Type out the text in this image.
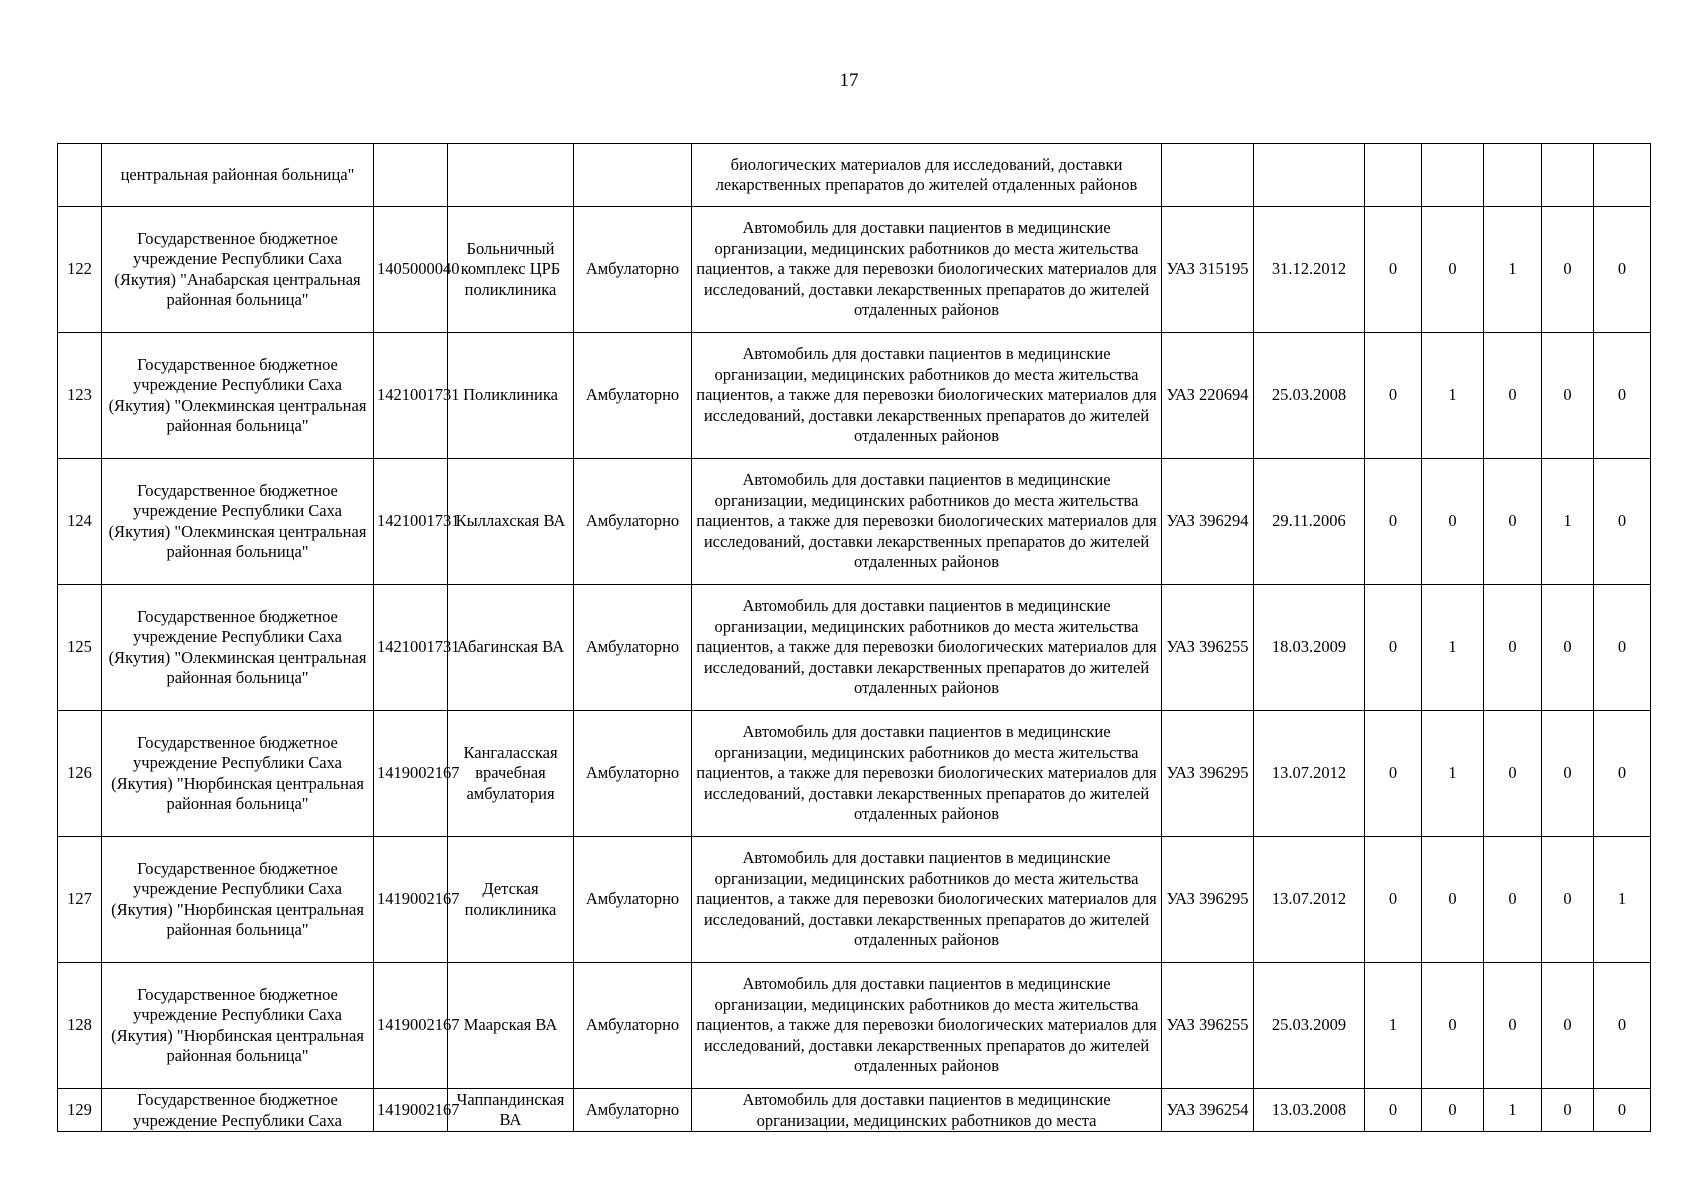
17

	центральная районная больница"				биологических материалов для исследований, доставки лекарственных препаратов до жителей отдаленных районов							

122	Государственное бюджетное учреждение Республики Саха (Якутия) "Анабарская центральная районная больница"	1405000040	Больничный комплекс ЦРБ поликлиника	Амбулаторно	Автомобиль для доставки пациентов в медицинские организации, медицинских работников до места жительства пациентов, а также для перевозки биологических материалов для исследований, доставки лекарственных препаратов до жителей отдаленных районов	УАЗ 315195	31.12.2012	0	0	1	0	0
123	Государственное бюджетное учреждение Республики Саха (Якутия) "Олекминская центральная районная больница"	1421001731	Поликлиника	Амбулаторно	Автомобиль для доставки пациентов в медицинские организации, медицинских работников до места жительства пациентов, а также для перевозки биологических материалов для исследований, доставки лекарственных препаратов до жителей отдаленных районов	УАЗ 220694	25.03.2008	0	1	0	0	0
124	Государственное бюджетное учреждение Республики Саха (Якутия) "Олекминская центральная районная больница"	1421001731	Кыллахская ВА	Амбулаторно	Автомобиль для доставки пациентов в медицинские организации, медицинских работников до места жительства пациентов, а также для перевозки биологических материалов для исследований, доставки лекарственных препаратов до жителей отдаленных районов	УАЗ 396294	29.11.2006	0	0	0	1	0
125	Государственное бюджетное учреждение Республики Саха (Якутия) "Олекминская центральная районная больница"	1421001731	Абагинская ВА	Амбулаторно	Автомобиль для доставки пациентов в медицинские организации, медицинских работников до места жительства пациентов, а также для перевозки биологических материалов для исследований, доставки лекарственных препаратов до жителей отдаленных районов	УАЗ 396255	18.03.2009	0	1	0	0	0
126	Государственное бюджетное учреждение Республики Саха (Якутия) "Нюрбинская центральная районная больница"	1419002167	Кангаласская врачебная амбулатория	Амбулаторно	Автомобиль для доставки пациентов в медицинские организации, медицинских работников до места жительства пациентов, а также для перевозки биологических материалов для исследований, доставки лекарственных препаратов до жителей отдаленных районов	УАЗ 396295	13.07.2012	0	1	0	0	0
127	Государственное бюджетное учреждение Республики Саха (Якутия) "Нюрбинская центральная районная больница"	1419002167	Детская поликлиника	Амбулаторно	Автомобиль для доставки пациентов в медицинские организации, медицинских работников до места жительства пациентов, а также для перевозки биологических материалов для исследований, доставки лекарственных препаратов до жителей отдаленных районов	УАЗ 396295	13.07.2012	0	0	0	0	1
128	Государственное бюджетное учреждение Республики Саха (Якутия) "Нюрбинская центральная районная больница"	1419002167	Маарская ВА	Амбулаторно	Автомобиль для доставки пациентов в медицинские организации, медицинских работников до места жительства пациентов, а также для перевозки биологических материалов для исследований, доставки лекарственных препаратов до жителей отдаленных районов	УАЗ 396255	25.03.2009	1	0	0	0	0
129	Государственное бюджетное учреждение Республики Саха	1419002167	Чаппандинская ВА	Амбулаторно	Автомобиль для доставки пациентов в медицинские организации, медицинских работников до места	УАЗ 396254	13.03.2008	0	0	1	0	0
